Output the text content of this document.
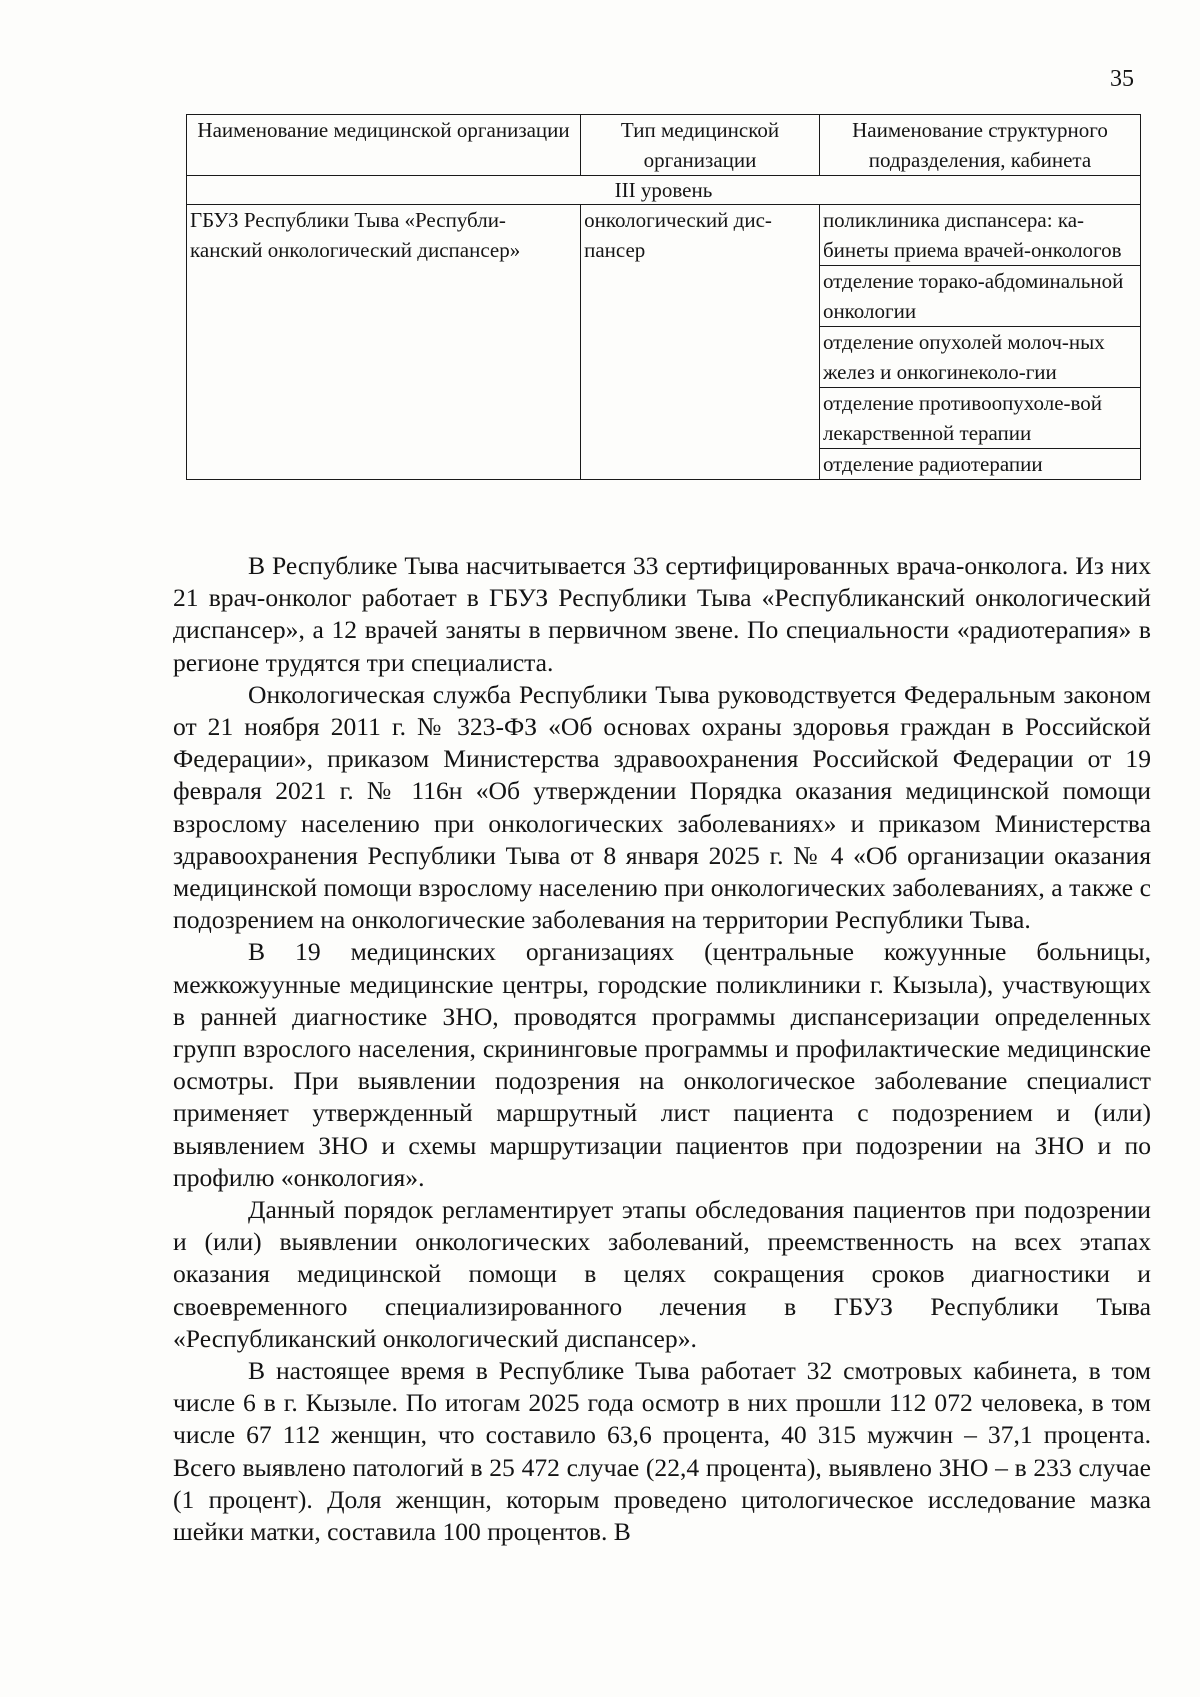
35
Наименование медицинской организации	Тип медицинской организации	Наименование структурного подразделения, кабинета
III уровень		
ГБУЗ Республики Тыва «Республи-канский онкологический диспансер»	онкологический дис-пансер	поликлиника диспансера: ка-бинеты приема врачей-онкологов
		отделение торако-абдоминальной онкологии
		отделение опухолей молоч-ных желез и онкогинеколо-гии
		отделение противоопухоле-вой лекарственной терапии
		отделение радиотерапии

В Республике Тыва насчитывается 33 сертифицированных врача-онколога. Из них 21 врач-онколог работает в ГБУЗ Республики Тыва «Республиканский онкологический диспансер», а 12 врачей заняты в первичном звене. По специальности «радиотерапия» в регионе трудятся три специалиста.

Онкологическая служба Республики Тыва руководствуется Федеральным законом от 21 ноября 2011 г. № 323-ФЗ «Об основах охраны здоровья граждан в Российской Федерации», приказом Министерства здравоохранения Российской Федерации от 19 февраля 2021 г. № 116н «Об утверждении Порядка оказания медицинской помощи взрослому населению при онкологических заболеваниях» и приказом Министерства здравоохранения Республики Тыва от 8 января 2025 г. № 4 «Об организации оказания медицинской помощи взрослому населению при онкологических заболеваниях, а также с подозрением на онкологические заболевания на территории Республики Тыва.

В 19 медицинских организациях (центральные кожуунные больницы, межкожуунные медицинские центры, городские поликлиники г. Кызыла), участвующих в ранней диагностике ЗНО, проводятся программы диспансеризации определенных групп взрослого населения, скрининговые программы и профилактические медицинские осмотры. При выявлении подозрения на онкологическое заболевание специалист применяет утвержденный маршрутный лист пациента с подозрением и (или) выявлением ЗНО и схемы маршрутизации пациентов при подозрении на ЗНО и по профилю «онкология».

Данный порядок регламентирует этапы обследования пациентов при подозрении и (или) выявлении онкологических заболеваний, преемственность на всех этапах оказания медицинской помощи в целях сокращения сроков диагностики и своевременного специализированного лечения в ГБУЗ Республики Тыва «Республиканский онкологический диспансер».

В настоящее время в Республике Тыва работает 32 смотровых кабинета, в том числе 6 в г. Кызыле. По итогам 2025 года осмотр в них прошли 112 072 человека, в том числе 67 112 женщин, что составило 63,6 процента, 40 315 мужчин – 37,1 процента. Всего выявлено патологий в 25 472 случае (22,4 процента), выявлено ЗНО – в 233 случае (1 процент). Доля женщин, которым проведено цитологическое исследование мазка шейки матки, составила 100 процентов. В
